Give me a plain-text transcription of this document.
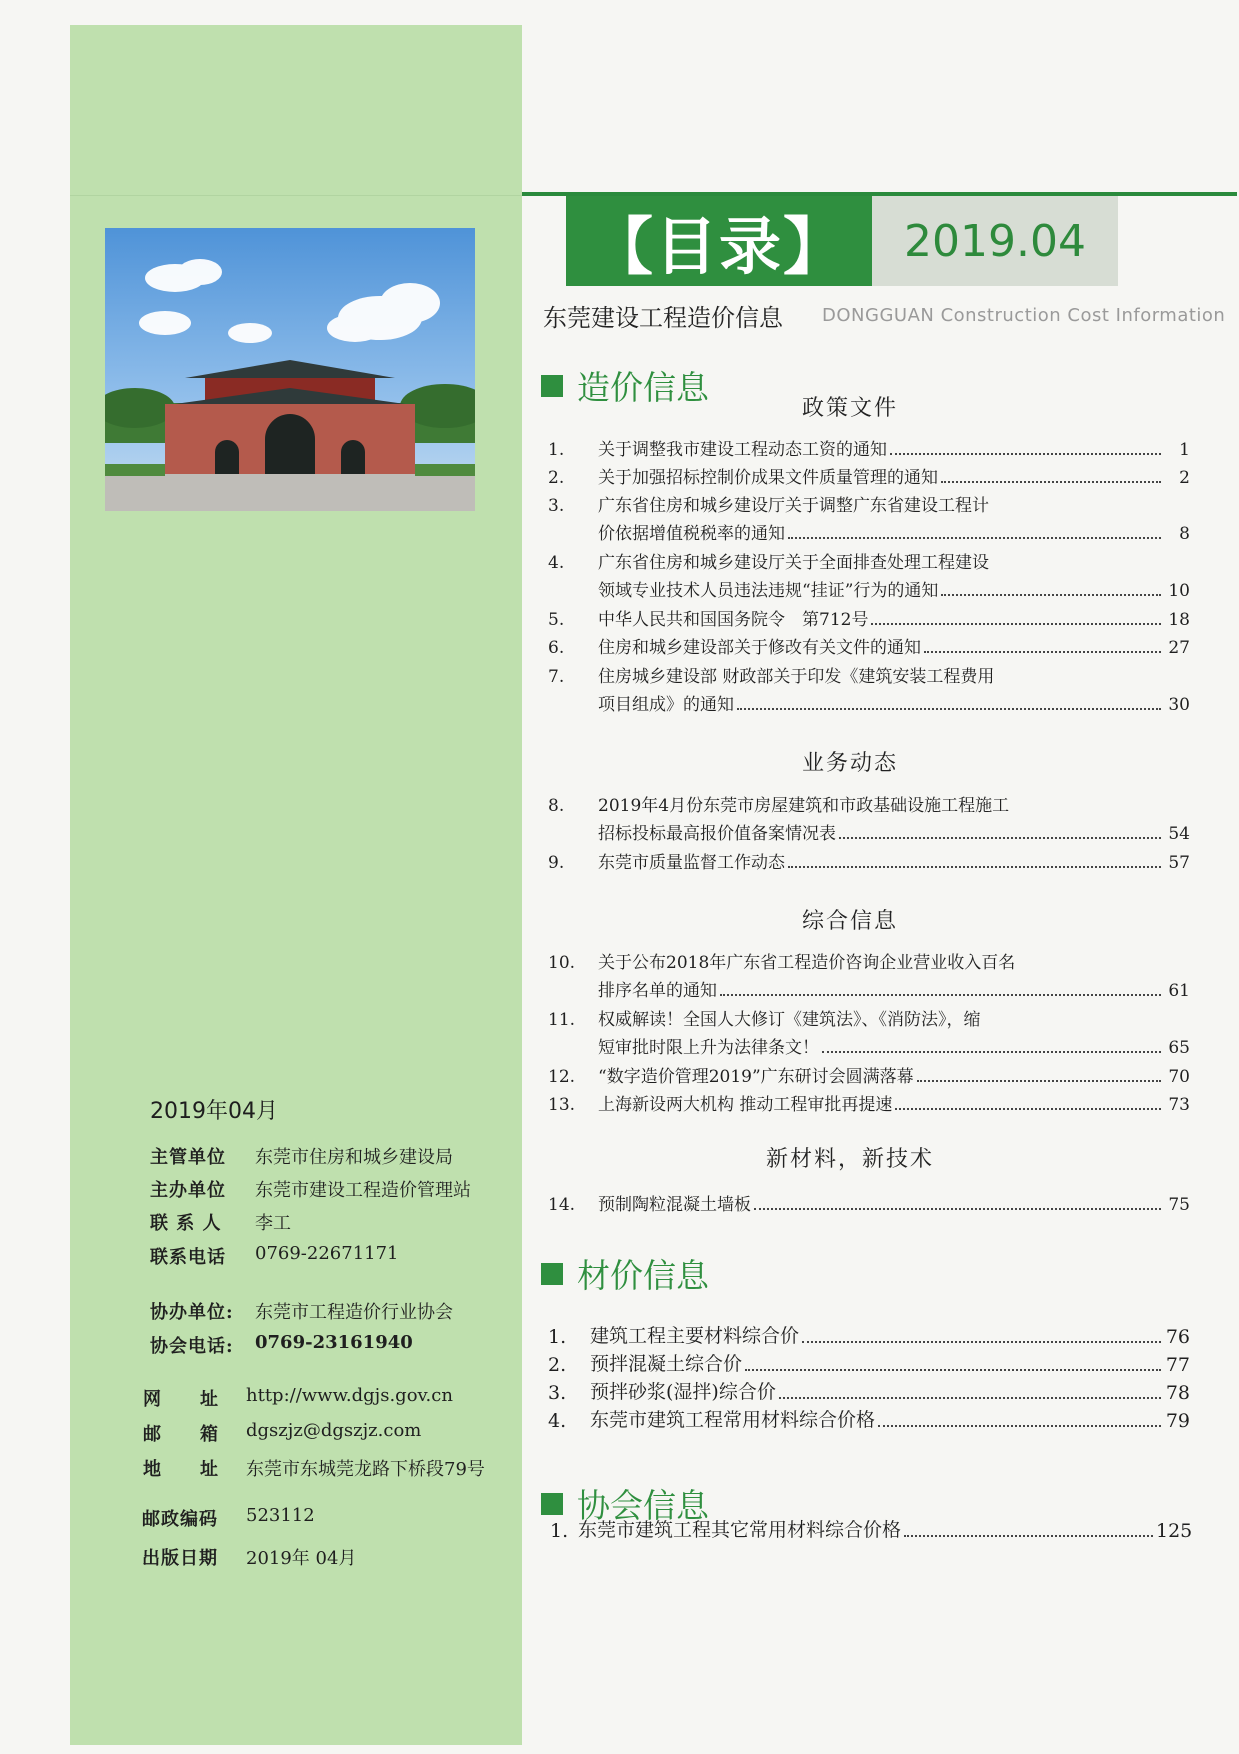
2019年04月
主管单位	东莞市住房和城乡建设局
主办单位	东莞市建设工程造价管理站
联 系 人	李工
联系电话	0769-22671171
协办单位:	东莞市工程造价行业协会
协会电话:	0769-23161940
网　　址	http://www.dgjs.gov.cn
邮　　箱	dgszjz@dgszjz.com
地　　址	东莞市东城莞龙路下桥段79号
邮政编码	523112
出版日期	2019年 04月
【目录】	2019.04
东莞建设工程造价信息 DONGGUAN Construction Cost Information
造价信息
政策文件
1.	关于调整我市建设工程动态工资的通知	1
2.	关于加强招标控制价成果文件质量管理的通知	2
3.	广东省住房和城乡建设厅关于调整广东省建设工程计
价依据增值税税率的通知	8
4.	广东省住房和城乡建设厅关于全面排查处理工程建设
领域专业技术人员违法违规“挂证”行为的通知	10
5.	中华人民共和国国务院令　第712号	18
6.	住房和城乡建设部关于修改有关文件的通知	27
7.	住房城乡建设部 财政部关于印发《建筑安装工程费用
项目组成》的通知	30
业务动态
8.	2019年4月份东莞市房屋建筑和市政基础设施工程施工
招标投标最高报价值备案情况表	54
9.	东莞市质量监督工作动态	57
综合信息
10.	关于公布2018年广东省工程造价咨询企业营业收入百名
排序名单的通知	61
11.	权威解读！全国人大修订《建筑法》、《消防法》，缩
短审批时限上升为法律条文！	65
12.	“数字造价管理2019”广东研讨会圆满落幕	70
13.	上海新设两大机构 推动工程审批再提速	73
新材料，新技术
14.	预制陶粒混凝土墙板	75
材价信息
1.	建筑工程主要材料综合价	76
2.	预拌混凝土综合价	77
3.	预拌砂浆(湿拌)综合价	78
4.	东莞市建筑工程常用材料综合价格	79
协会信息
1. 东莞市建筑工程其它常用材料综合价格	125
